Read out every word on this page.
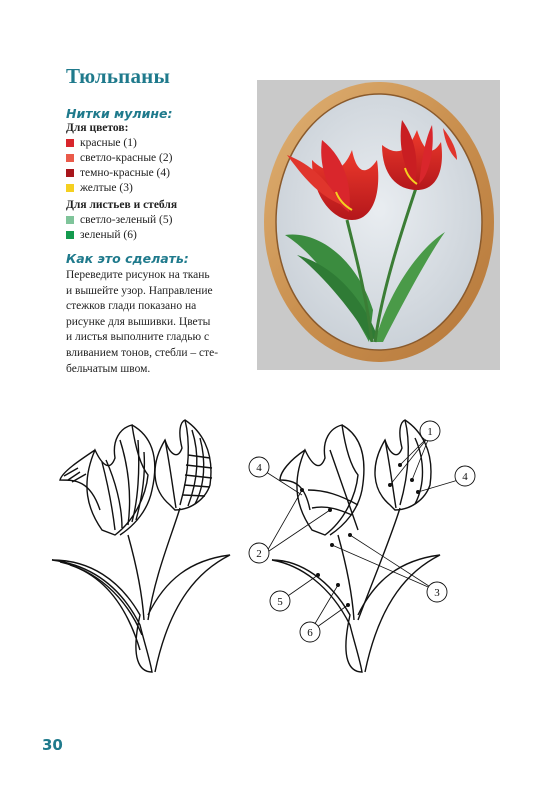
Тюльпаны
Нитки мулине:
Для цветов:
красные (1)
светло-красные (2)
темно-красные (4)
желтые (3)
Для листьев и стебля
светло-зеленый (5)
зеленый (6)
Как это сделать:
Переведите рисунок на ткань
и вышейте узор. Направление
стежков глади показано на
рисунке для вышивки. Цветы
и листья выполните гладью с
вливанием тонов, стебли – сте-
бельчатым швом.
1
4
4
2
3
5
6
30
